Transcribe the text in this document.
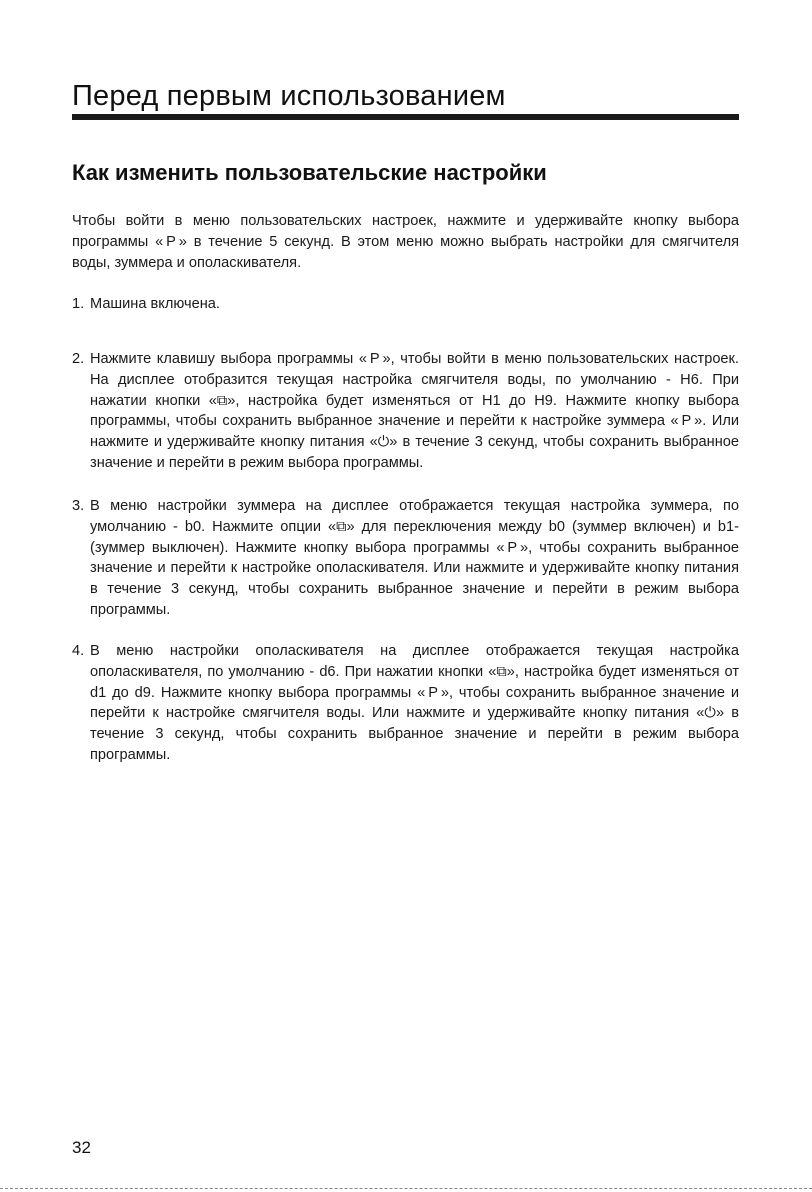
Перед первым использованием
Как изменить пользовательские настройки
Чтобы войти в меню пользовательских настроек, нажмите и удерживайте кнопку выбора программы « P » в течение 5 секунд. В этом меню можно выбрать настройки для смягчителя воды, зуммера и ополаскивателя.
1. Машина включена.
2. Нажмите клавишу выбора программы « P », чтобы войти в меню пользовательских настроек. На дисплее отобразится текущая настройка смягчителя воды, по умолчанию - H6. При нажатии кнопки «⧉», настройка будет изменяться от H1 до H9. Нажмите кнопку выбора программы, чтобы сохранить выбранное значение и перейти к настройке зуммера « P ». Или нажмите и удерживайте кнопку питания «⏻» в течение 3 секунд, чтобы сохранить выбранное значение и перейти в режим выбора программы.
3. В меню настройки зуммера на дисплее отображается текущая настройка зуммера, по умолчанию - b0. Нажмите опции «⧉» для переключения между b0 (зуммер включен) и b1- (зуммер выключен). Нажмите кнопку выбора программы « P », чтобы сохранить выбранное значение и перейти к настройке ополаскивателя. Или нажмите и удерживайте кнопку питания в течение 3 секунд, чтобы сохранить выбранное значение и перейти в режим выбора программы.
4. В меню настройки ополаскивателя на дисплее отображается текущая настройка ополаскивателя, по умолчанию - d6. При нажатии кнопки «⧉», настройка будет изменяться от d1 до d9. Нажмите кнопку выбора программы « P », чтобы сохранить выбранное значение и перейти к настройке смягчителя воды. Или нажмите и удерживайте кнопку питания «⏻» в течение 3 секунд, чтобы сохранить выбранное значение и перейти в режим выбора программы.
32
